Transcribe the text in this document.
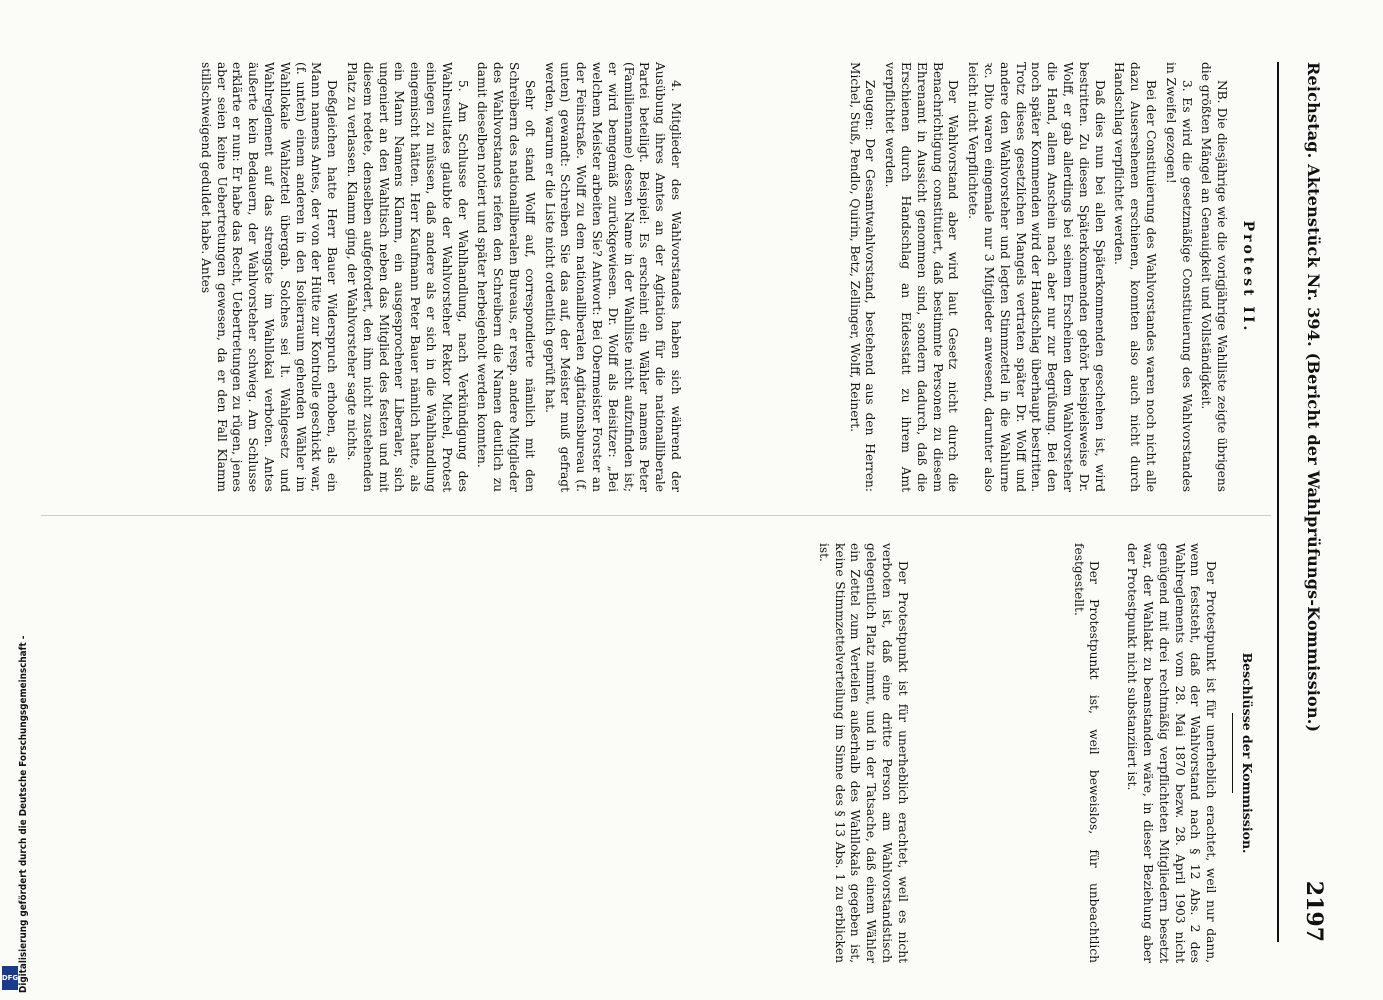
Reichstag. Aktenstück Nr. 394. (Bericht der Wahlprüfungs-Kommission.)
2197
Protest II.

NB. Die diesjährige wie die vorigjährige Wahlliste zeigte übrigens die größten Mängel an Genauigkeit und Vollständigkeit.

3. Es wird die gesetzmäßige Constituierung des Wahlvorstandes in Zweifel gezogen!

Bei der Constituierung des Wahlvorstandes waren noch nicht alle dazu Ausersehenen erschienen, konnten also auch nicht durch Handschlag verpflichtet werden.

Daß dies nun bei allen Späterkommenden geschehen ist, wird bestritten. Zu diesen Späterkommenden gehört beispielsweise Dr. Wolff, er gab allerdings bei seinem Erscheinen dem Wahlvorsteher die Hand, allem Anschein nach aber nur zur Begrüßung. Bei den noch später Kommenden wird der Handschlag überhaupt bestritten. Trotz dieses gesetzlichen Mangels vertraten später Dr. Wolff und andere den Wahlvorsteher und legten Stimmzettel in die Wahlurne ꝛc. Dito waren eingemale nur 3 Mitglieder anwesend, darunter also leicht nicht Verpflichtete.

Der Wahlvorstand aber wird laut Gesetz nicht durch die Benachrichtigung constituiert, daß bestimmte Personen zu diesem Ehrenamt in Aussicht genommen sind, sondern dadurch, daß die Erschienen durch Handschlag an Eidesstatt zu ihrem Amt verpflichtet werden.

Zeugen: Der Gesamtwahlvorstand, bestehend aus den Herren: Michel, Stuß, Pendlo, Quirin, Betz, Zellinger, Wolff, Reinert.

Beschlüsse der Kommission.

Der Protestpunkt ist für unerheblich erachtet, weil nur dann, wenn feststeht, daß der Wahlvorstand nach § 12 Abs. 2 des Wahlreglements vom 28. Mai 1870 bezw. 28. April 1903 nicht genügend mit drei rechtmäßig verpflichteten Mitgliedern besetzt war, der Wahlakt zu beanstanden wäre, in dieser Beziehung aber der Protestpunkt nicht substanziiert ist.

Der Protestpunkt ist, weil beweislos, für unbeachtlich festgestellt.

Der Protestpunkt ist für unerheblich erachtet, weil es nicht verboten ist, daß eine dritte Person am Wahlvorstandstisch gelegentlich Platz nimmt, und in der Tatsache, daß einem Wähler ein Zettel zum Verteilen außerhalb des Wahllokals gegeben ist, keine Stimmzettelverteilung im Sinne des § 13 Abs. 1 zu erblicken ist.

4. Mitglieder des Wahlvorstandes haben sich während der Ausübung ihres Amtes an der Agitation für die nationalliberale Partei beteiligt. Beispiel: Es erscheint ein Wähler namens Peter (Familienname) dessen Name in der Wahlliste nicht aufzufinden ist; er wird bemgemäß zurückgewiesen. Dr. Wolff als Beisitzer: „Bei welchem Meister arbeiten Sie? Antwort: Bei Obermeister Forster an der Feinstraße. Wolff zu dem nationalliberalen Agitationsbureau (f. unten) gewandt: Schreiben Sie das auf, der Meister muß gefragt werden, warum er die Liste nicht ordentlich geprüft hat.

Sehr oft stand Wolff auf, correspondierte nämlich mit den Schreibern des nationalliberalen Bureaus, er resp. andere Mitglieder des Wahlvorstandes riefen den Schreibern die Namen deutlich zu damit dieselben notiert und später herbeigeholt werden konnten.

5. Am Schlusse der Wahlhandlung, nach Verkündigung des Wahlresultates glaubte der Wahlvorsteher Rektor Michel, Protest einlegen zu müssen, daß andere als er sich in die Wahlhandlung eingemischt hätten. Herr Kaufmann Peter Bauer nämlich hatte, als ein Mann Namens Klamm, ein ausgesprochener Liberaler, sich ungeniert an den Wahltisch neben das Mitglied des festen und mit diesem redete, denselben aufgefordert, den ihm nicht zustehenden Platz zu verlassen. Klamm ging, der Wahlvorsteher sagte nichts.

Deßgleichen hatte Herr Bauer Widerspruch erhoben, als ein Mann namens Antes, der von der Hütte zur Kontrolle geschickt war, (f. unten) einem anderen in den Isolierraum gehenden Wähler im Wahllokale Wahlzettel übergab. Solches sei lt. Wahlgesetz und Wahlreglement auf das strengste im Wahllokal verboten. Antes äußerte kein Bedauern, der Wahlvorsteher schwieg. Am Schlusse erklärte er nun: Er habe das Recht, Uebertretungen zu rügen, jenes aber seien keine Uebertretungen gewesen, da er den Fall Klamm stillschweigend geduldet habe. Antes

Digitalisierung gefördert durch die Deutsche Forschungsgemeinschaft -
DFG
